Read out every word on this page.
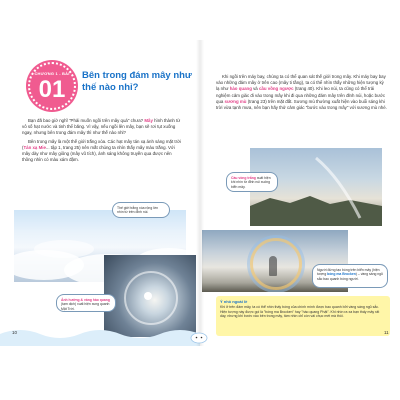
CHƯƠNG 1 - BÀI
01
Bên trong đám mây như thế nào nhỉ?

Bạn đã bao giờ nghĩ "Phải muốn ngồi trên mây quá" chưa? Mây hình thành từ vô số hạt nước và tinh thể băng. Vì vậy, nếu ngồi lên mây, bạn sẽ rơi tụt xuống ngay, nhưng bên trong đám mây thì như thế nào nhỉ?

Bên trong mây là một thế giới trắng xóa. Các hạt mây tán xạ ánh sáng mặt trời (Tán xạ Mie... tập 1, trang 25) nên mắt chúng ta nhìn thấy mây màu trắng. Với mây dày như mây giông (mây vũ tích), ánh sáng không truyền qua được nên thông nhìn có màu xám đậm.

Thế giới trắng xóa rộng lớn nhìn từ trên đỉnh núi.
Ảnh hưởng & vầng hào quang (tạm dịch) xuất hiện xung quanh Mặt Trời.
10

Khi ngồi trên máy bay, chúng ta có thể quan sát thế giới trong mây. Khi máy bay bay vào những đám mây ở trên cao (mây ti tầng), ta có thể nhìn thấy những hiện tượng kỳ lạ như hào quang và cầu vồng ngược (trang 40). Khi leo núi, ta cũng có thể trải nghiệm cảm giác đi vào trong mây khi đi qua những đám mây trên đỉnh núi, hoặc bước qua sương mù (trang 23) trên mặt đất. Sương mù thường xuất hiện vào buổi sáng khi trời vừa tạnh mưa, nên bạn hãy thử cảm giác "bước vào trong mây" với sương mù nhé.

Cầu vồng trắng xuất hiện khi nhìn từ đỉnh núi xuống biển mây.
Người đứng tạo bóng trên biển mây (hiện tượng bóng ma Brocken) – vầng sáng ngũ sắc bao quanh bóng người.
Ý nhỏ ngoài lề
Khi ở trên đám mây, ta có thể nhìn thấy bóng của chính mình được bao quanh bởi vầng sáng ngũ sắc. Hiện tượng này được gọi là "bóng ma Brocken" hay "hào quang Phật". Khi nhìn ra xa bạn thấy mây rất dày, nhưng khi bước vào bên trong mây, tầm nhìn chỉ còn vài chục mét mà thôi.
11
